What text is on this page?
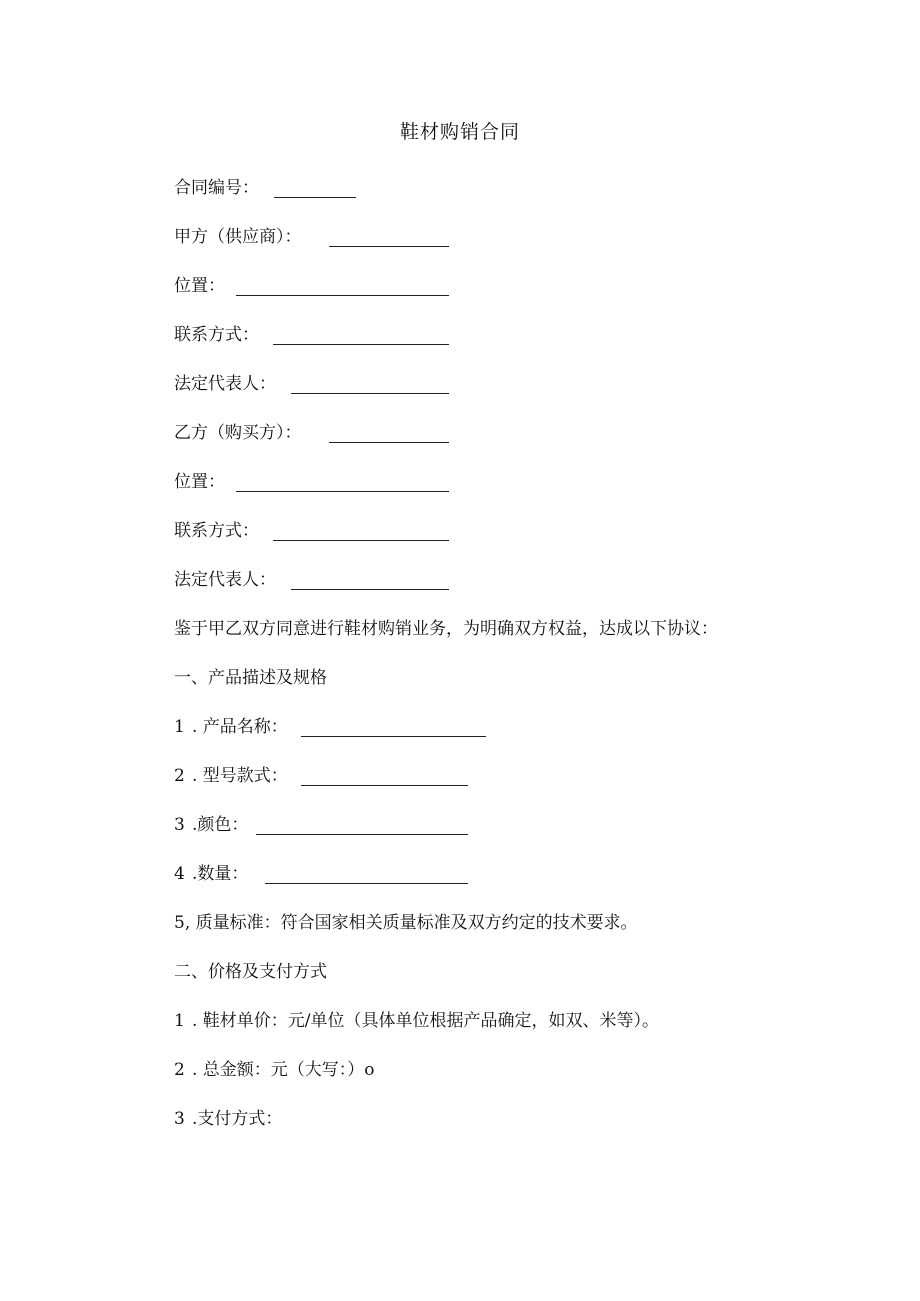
鞋材购销合同
合同编号：
甲方（供应商）：
位置：
联系方式：
法定代表人：
乙方（购买方）：
位置：
联系方式：
法定代表人：
鉴于甲乙双方同意进行鞋材购销业务，为明确双方权益，达成以下协议：
一、产品描述及规格
1 . 产品名称：
2 . 型号款式：
3 .颜色：
4 .数量：
5, 质量标准：符合国家相关质量标准及双方约定的技术要求。
二、价格及支付方式
1 . 鞋材单价：元/单位（具体单位根据产品确定，如双、米等）。
2 . 总金额：元（大写：）o
3 .支付方式：
